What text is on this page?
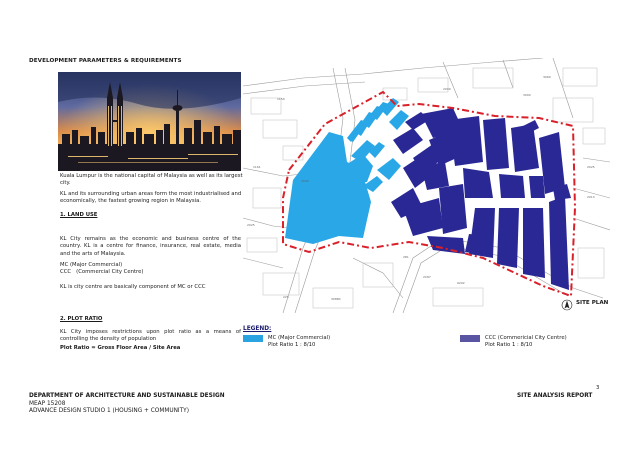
DEVELOPMENT PARAMETERS & REQUIREMENTS
Kuala Lumpur is the national capital of Malaysia as well as its largest city.
KL and its surrounding urban areas form the most industrialised and economically, the fastest growing region in Malaysia.
1. LAND USE
KL City remains as the economic and business centre of the country. KL is a centre for finance, insurance, real estate, media and the arts of Malaysia.
MC (Major Commercial)
CCC   (Commercial City Centre)
KL is city centre are basically component of MC or CCC
2. PLOT RATIO
KL City imposes restrictions upon plot ratio as a means of controlling the density of population
Plot Ratio = Gross Floor Area / Site Area
3069
3000
2009
1150
1161
2025
3006
281
225	30880
2025
2013
9202
2C87
SITE PLAN
LEGEND:
MC (Major Commercial)
Plot Ratio 1 : 8/10
CCC (Commericial City Centre)
Plot Ratio 1 : 8/10
3
DEPARTMENT OF ARCHITECTURE AND SUSTAINABLE DESIGN
MEAP 15208
ADVANCE DESIGN STUDIO 1 (HOUSING + COMMUNITY)
SITE ANALYSIS REPORT
